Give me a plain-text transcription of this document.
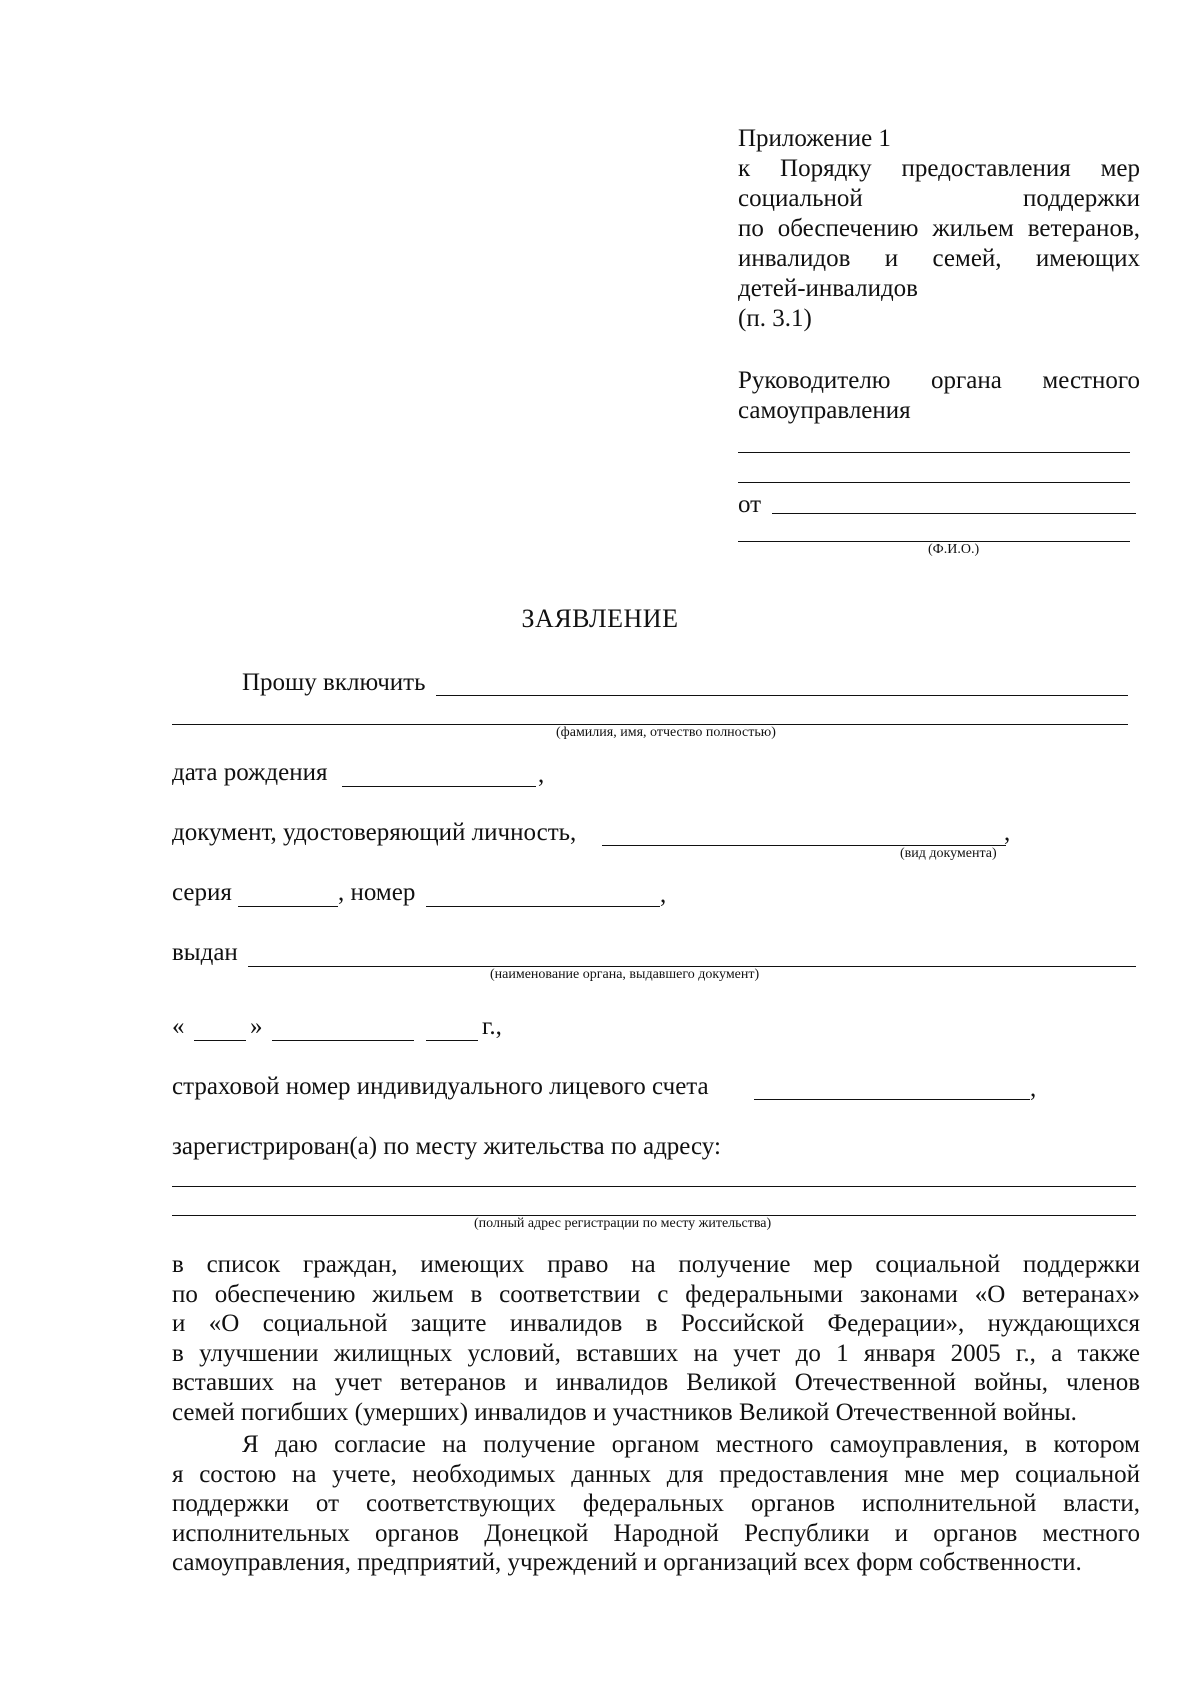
Приложение 1
к Порядку предоставления мер
социальной поддержки
по обеспечению жильем ветеранов,
инвалидов и семей, имеющих
детей-инвалидов
(п. 3.1)
Руководителю органа местного
самоуправления
от
(Ф.И.О.)
ЗАЯВЛЕНИЕ
Прошу включить
(фамилия, имя, отчество полностью)
дата рождения	,
документ, удостоверяющий личность,	,
(вид документа)
серия	, номер	,
выдан
(наименование органа, выдавшего документ)
«	»	г.,
страховой номер индивидуального лицевого счета	,
зарегистрирован(а) по месту жительства по адресу:
(полный адрес регистрации по месту жительства)
в список граждан, имеющих право на получение мер социальной поддержки
по обеспечению жильем в соответствии с федеральными законами «О ветеранах»
и «О социальной защите инвалидов в Российской Федерации», нуждающихся
в улучшении жилищных условий, вставших на учет до 1 января 2005 г., а также
вставших на учет ветеранов и инвалидов Великой Отечественной войны, членов
семей погибших (умерших) инвалидов и участников Великой Отечественной войны.
Я даю согласие на получение органом местного самоуправления, в котором
я состою на учете, необходимых данных для предоставления мне мер социальной
поддержки от соответствующих федеральных органов исполнительной власти,
исполнительных органов Донецкой Народной Республики и органов местного
самоуправления, предприятий, учреждений и организаций всех форм собственности.
